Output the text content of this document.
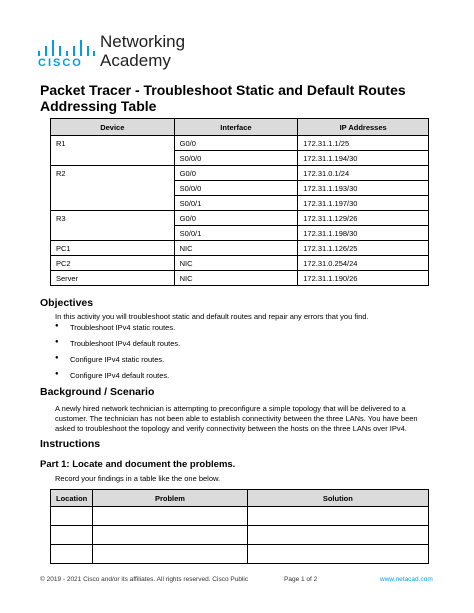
CISCO
Networking
Academy
Packet Tracer - Troubleshoot Static and Default Routes
Addressing Table
Device	Interface	IP Addresses
R1	G0/0	172.31.1.1/25
	S0/0/0	172.31.1.194/30
R2	G0/0	172.31.0.1/24
	S0/0/0	172.31.1.193/30
	S0/0/1	172.31.1.197/30
R3	G0/0	172.31.1.129/26
	S0/0/1	172.31.1.198/30
PC1	NIC	172.31.1.126/25
PC2	NIC	172.31.0.254/24
Server	NIC	172.31.1.190/26
Objectives
In this activity you will troubleshoot static and default routes and repair any errors that you find.
● Troubleshoot IPv4 static routes.
● Troubleshoot IPv4 default routes.
● Configure IPv4 static routes.
● Configure IPv4 default routes.
Background / Scenario
A newly hired network technician is attempting to preconfigure a simple topology that will be delivered to a
customer. The technician has not been able to establish connectivity between the three LANs. You have been
asked to troubleshoot the topology and verify connectivity between the hosts on the three LANs over IPv4.
Instructions
Part 1: Locate and document the problems.
Record your findings in a table like the one below.
Location	Problem	Solution

© 2019 - 2021 Cisco and/or its affiliates. All rights reserved. Cisco Public	Page 1 of 2	www.netacad.com
